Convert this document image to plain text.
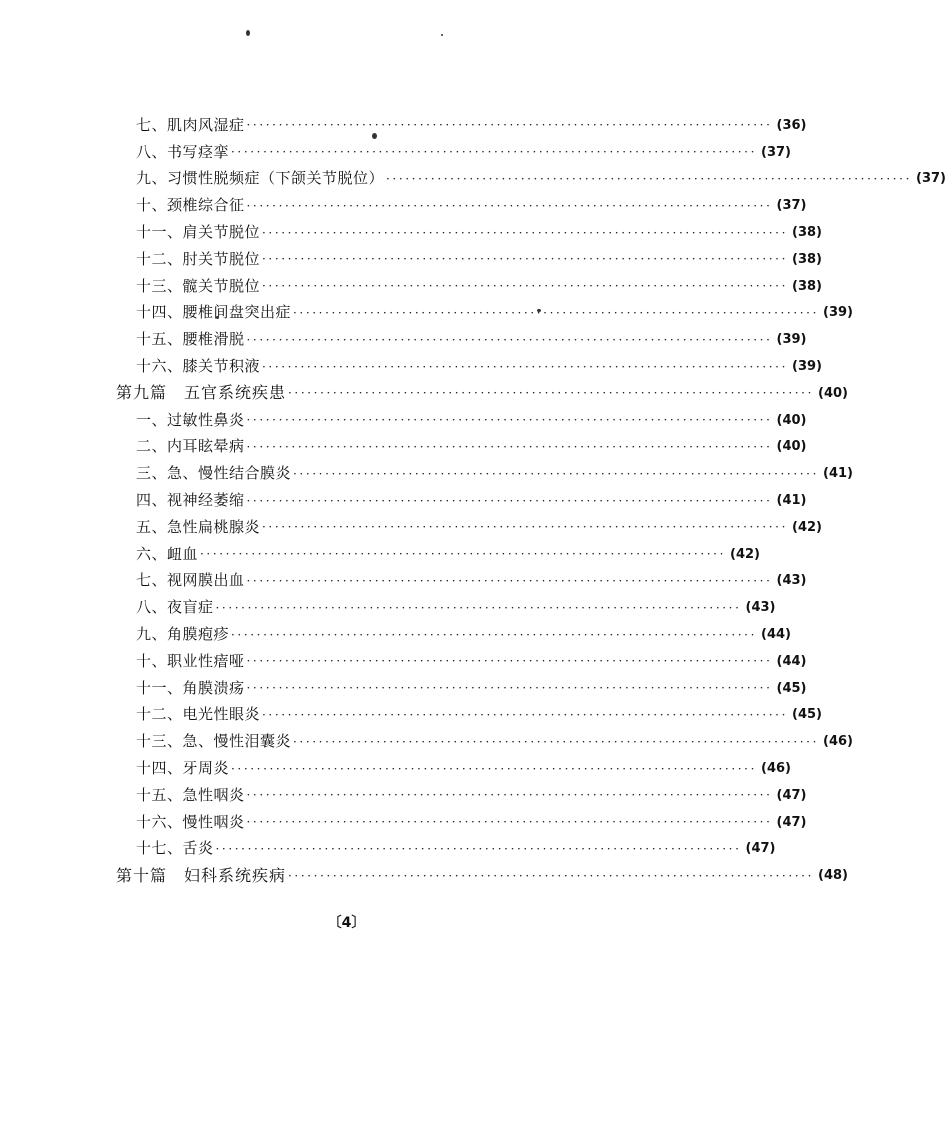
七、肌肉风湿症 ·················································································· (36)
八、书写痉挛 ·················································································· (37)
九、习惯性脱频症（下颌关节脱位） ·················································································· (37)
十、颈椎综合征 ·················································································· (37)
十一、肩关节脱位 ·················································································· (38)
十二、肘关节脱位 ·················································································· (38)
十三、髋关节脱位 ·················································································· (38)
十四、腰椎间盘突出症 ·················································································· (39)
十五、腰椎滑脱 ·················································································· (39)
十六、膝关节积液 ·················································································· (39)
第九篇　五官系统疾患 ·················································································· (40)
一、过敏性鼻炎 ·················································································· (40)
二、内耳眩晕病 ·················································································· (40)
三、急、慢性结合膜炎 ·················································································· (41)
四、视神经萎缩 ·················································································· (41)
五、急性扁桃腺炎 ·················································································· (42)
六、衄血 ·················································································· (42)
七、视网膜出血 ·················································································· (43)
八、夜盲症 ·················································································· (43)
九、角膜疱疹 ·················································································· (44)
十、职业性瘖哑 ·················································································· (44)
十一、角膜溃疡 ·················································································· (45)
十二、电光性眼炎 ·················································································· (45)
十三、急、慢性泪囊炎 ·················································································· (46)
十四、牙周炎 ·················································································· (46)
十五、急性咽炎 ·················································································· (47)
十六、慢性咽炎 ·················································································· (47)
十七、舌炎 ·················································································· (47)
第十篇　妇科系统疾病 ·················································································· (48)
〔4〕
